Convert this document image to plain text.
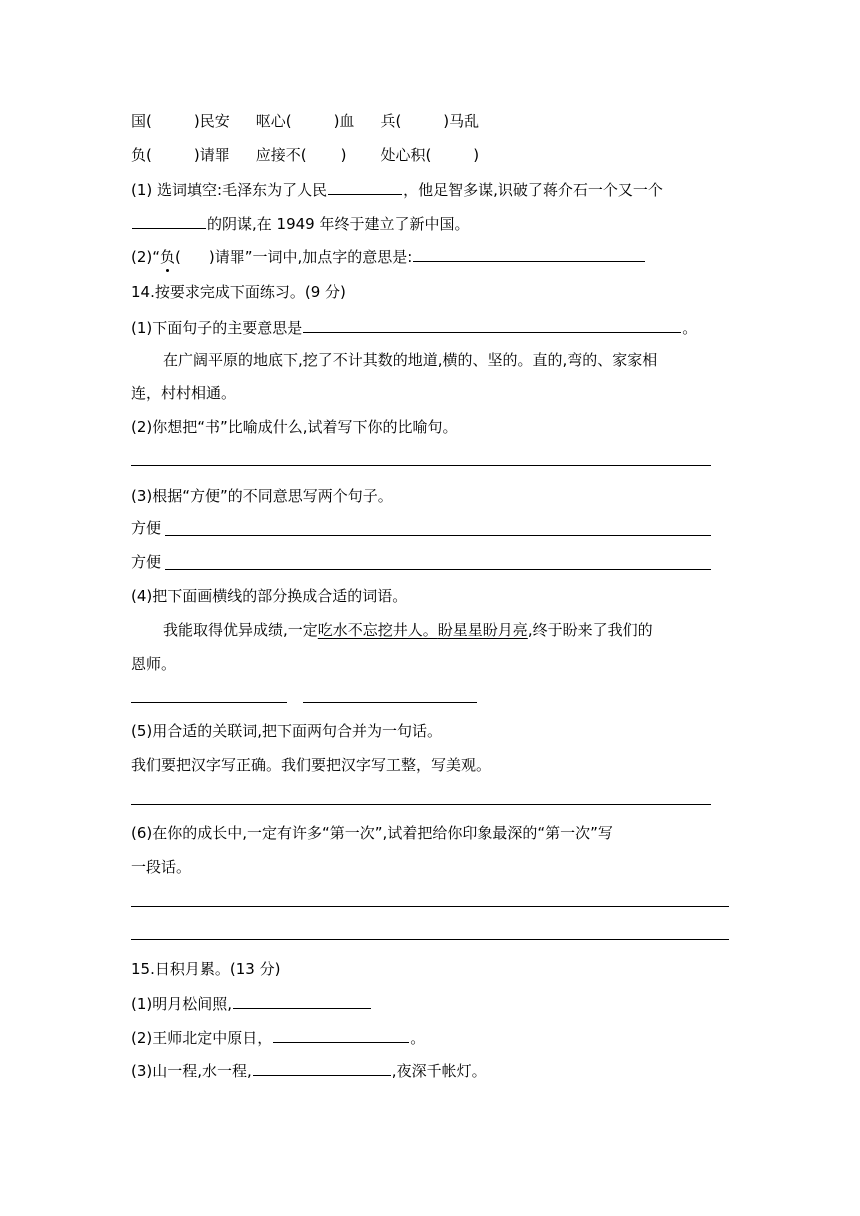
国(	)民安 呕心(	)血 兵(	)马乱
负(	)请罪 应接不( ) 处心积(	)
(1) 选词填空:毛泽东为了人民	，他足智多谋,识破了蒋介石一个又一个
的阴谋,在 1949 年终于建立了新中国。
(2)“负( )请罪”一词中,加点字的意思是:
14.按要求完成下面练习。(9 分)
(1)下面句子的主要意思是	。
在广阔平原的地底下,挖了不计其数的地道,横的、坚的。直的,弯的、家家相
连，村村相通。
(2)你想把“书”比喻成什么,试着写下你的比喻句。
(3)根据“方便”的不同意思写两个句子。
方便
方便
(4)把下面画横线的部分换成合适的词语。
我能取得优异成绩,一定吃水不忘挖井人。盼星星盼月亮,终于盼来了我们的
恩师。
(5)用合适的关联词,把下面两句合并为一句话。
我们要把汉字写正确。我们要把汉字写工整，写美观。
(6)在你的成长中,一定有许多“第一次”,试着把给你印象最深的“第一次”写
一段话。
15.日积月累。(13 分)
(1)明月松间照,
(2)王师北定中原日，	。
(3)山一程,水一程,	,夜深千帐灯。
